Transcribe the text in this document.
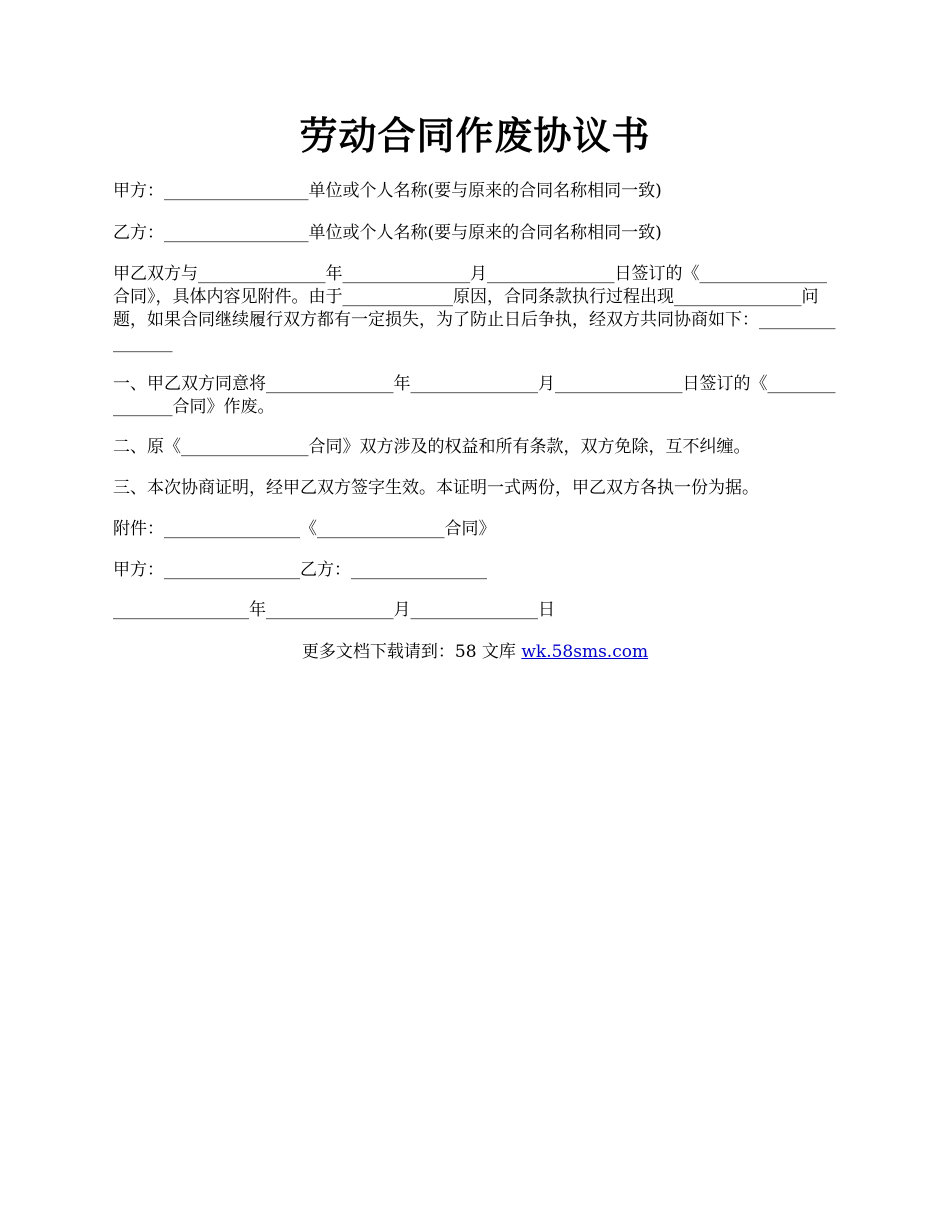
劳动合同作废协议书
甲方：_________________单位或个人名称(要与原来的合同名称相同一致)
乙方：_________________单位或个人名称(要与原来的合同名称相同一致)
甲乙双方与_______________年_______________月_______________日签订的《_______________合同》，具体内容见附件。由于_____________原因，合同条款执行过程出现_______________问题，如果合同继续履行双方都有一定损失，为了防止日后争执，经双方共同协商如下：________________
一、甲乙双方同意将_______________年_______________月_______________日签订的《_______________合同》作废。
二、原《_______________合同》双方涉及的权益和所有条款，双方免除，互不纠缠。
三、本次协商证明，经甲乙双方签字生效。本证明一式两份，甲乙双方各执一份为据。
附件：________________《_______________合同》
甲方：________________乙方：________________
________________年_______________月_______________日
更多文档下载请到：58 文库 wk.58sms.com
